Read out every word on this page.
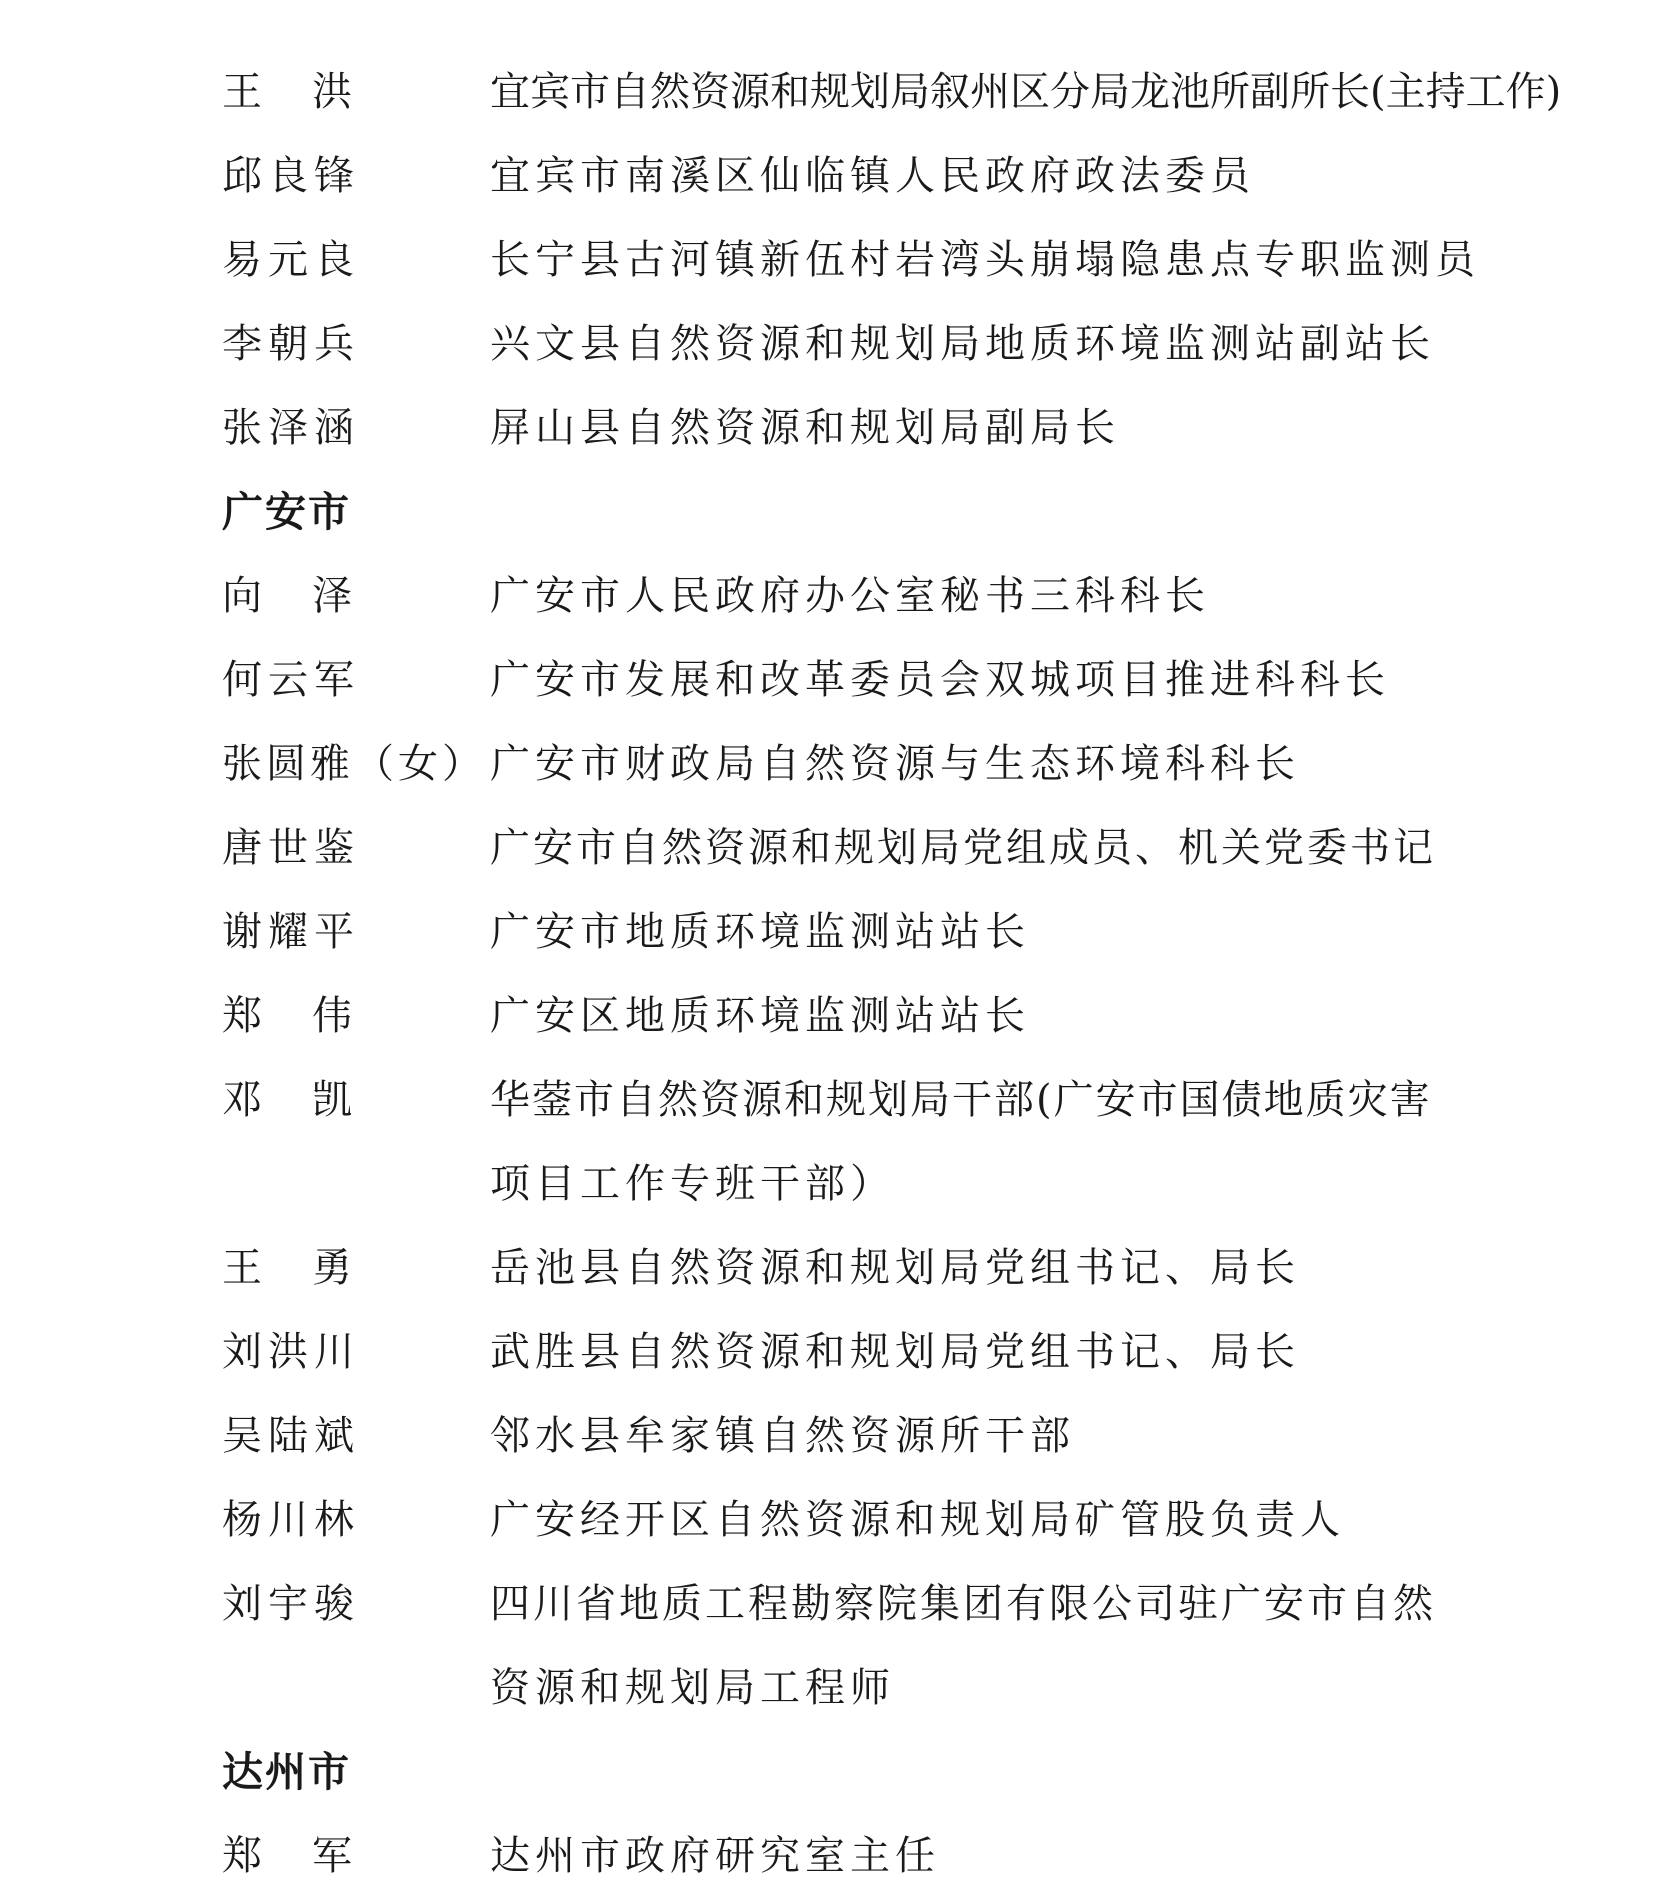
王 洪	宜宾市自然资源和规划局叙州区分局龙池所副所长(主持工作)
邱良锋	宜宾市南溪区仙临镇人民政府政法委员
易元良	长宁县古河镇新伍村岩湾头崩塌隐患点专职监测员
李朝兵	兴文县自然资源和规划局地质环境监测站副站长
张泽涵	屏山县自然资源和规划局副局长
广安市
向 泽	广安市人民政府办公室秘书三科科长
何云军	广安市发展和改革委员会双城项目推进科科长
张圆雅（女） 广安市财政局自然资源与生态环境科科长
唐世鉴	广安市自然资源和规划局党组成员、机关党委书记
谢耀平	广安市地质环境监测站站长
郑 伟	广安区地质环境监测站站长
邓 凯	华蓥市自然资源和规划局干部(广安市国债地质灾害
项目工作专班干部）
王 勇	岳池县自然资源和规划局党组书记、局长
刘洪川	武胜县自然资源和规划局党组书记、局长
吴陆斌	邻水县牟家镇自然资源所干部
杨川林	广安经开区自然资源和规划局矿管股负责人
刘宇骏	四川省地质工程勘察院集团有限公司驻广安市自然
资源和规划局工程师
达州市
郑 军	达州市政府研究室主任
